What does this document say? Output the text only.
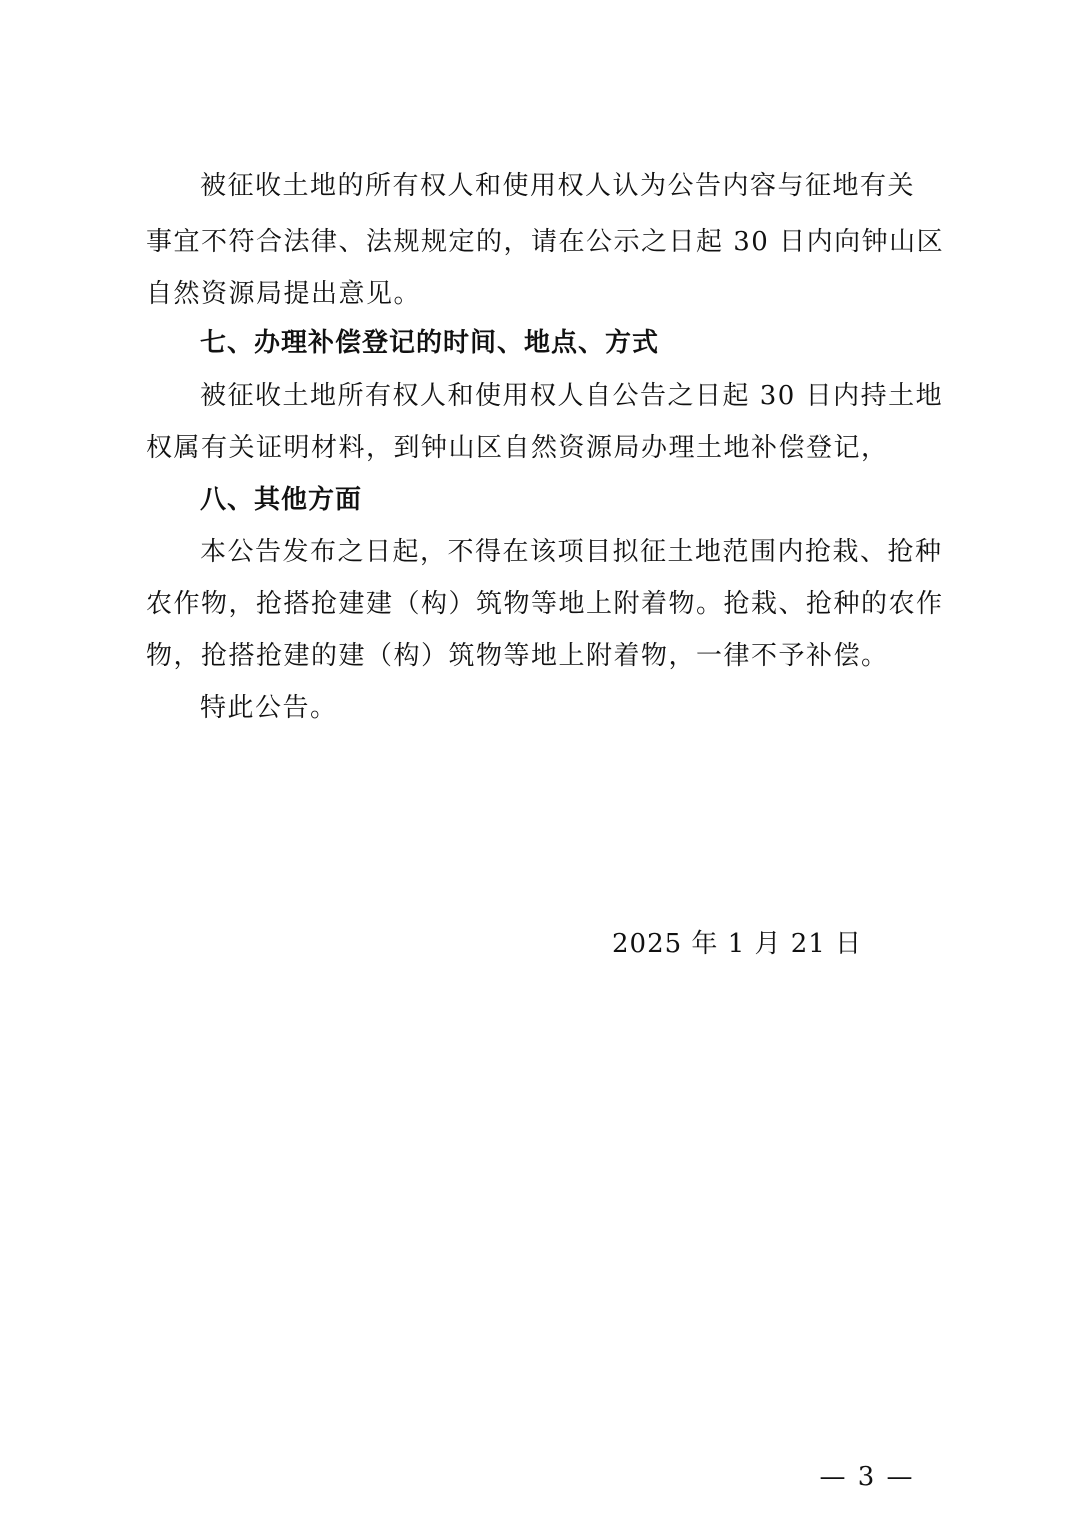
被征收土地的所有权人和使用权人认为公告内容与征地有关
事宜不符合法律、法规规定的，请在公示之日起 30 日内向钟山区
自然资源局提出意见。
七、办理补偿登记的时间、地点、方式
被征收土地所有权人和使用权人自公告之日起 30 日内持土地
权属有关证明材料，到钟山区自然资源局办理土地补偿登记，
八、其他方面
本公告发布之日起，不得在该项目拟征土地范围内抢栽、抢种
农作物，抢搭抢建建（构）筑物等地上附着物。抢栽、抢种的农作
物，抢搭抢建的建（构）筑物等地上附着物，一律不予补偿。
特此公告。
2025 年 1 月 21 日
— 3 —
